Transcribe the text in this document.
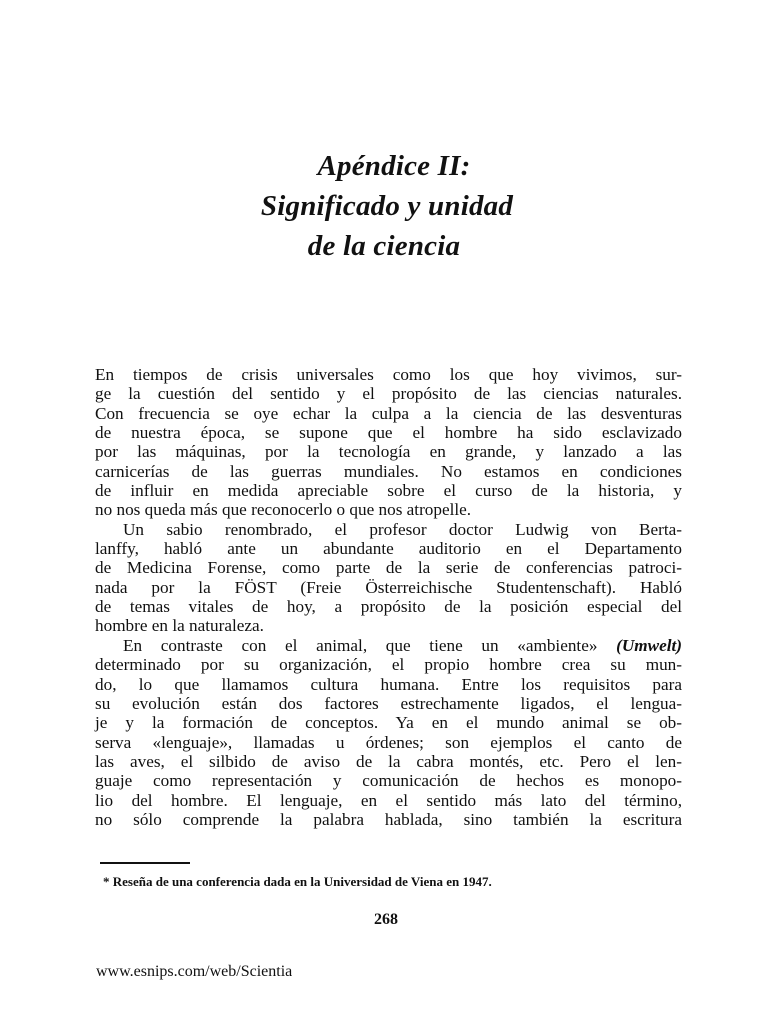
Apéndice II:
Significado y unidad
de la ciencia
En tiempos de crisis universales como los que hoy vivimos, sur-
ge la cuestión del sentido y el propósito de las ciencias naturales.
Con frecuencia se oye echar la culpa a la ciencia de las desventuras
de nuestra época, se supone que el hombre ha sido esclavizado
por las máquinas, por la tecnología en grande, y lanzado a las
carnicerías de las guerras mundiales. No estamos en condiciones
de influir en medida apreciable sobre el curso de la historia, y
no nos queda más que reconocerlo o que nos atropelle.
Un sabio renombrado, el profesor doctor Ludwig von Berta-
lanffy, habló ante un abundante auditorio en el Departamento
de Medicina Forense, como parte de la serie de conferencias patroci-
nada por la FÖST (Freie Österreichische Studentenschaft). Habló
de temas vitales de hoy, a propósito de la posición especial del
hombre en la naturaleza.
En contraste con el animal, que tiene un «ambiente» (Umwelt)
determinado por su organización, el propio hombre crea su mun-
do, lo que llamamos cultura humana. Entre los requisitos para
su evolución están dos factores estrechamente ligados, el lengua-
je y la formación de conceptos. Ya en el mundo animal se ob-
serva «lenguaje», llamadas u órdenes; son ejemplos el canto de
las aves, el silbido de aviso de la cabra montés, etc. Pero el len-
guaje como representación y comunicación de hechos es monopo-
lio del hombre. El lenguaje, en el sentido más lato del término,
no sólo comprende la palabra hablada, sino también la escritura
* Reseña de una conferencia dada en la Universidad de Viena en 1947.
268
www.esnips.com/web/Scientia
